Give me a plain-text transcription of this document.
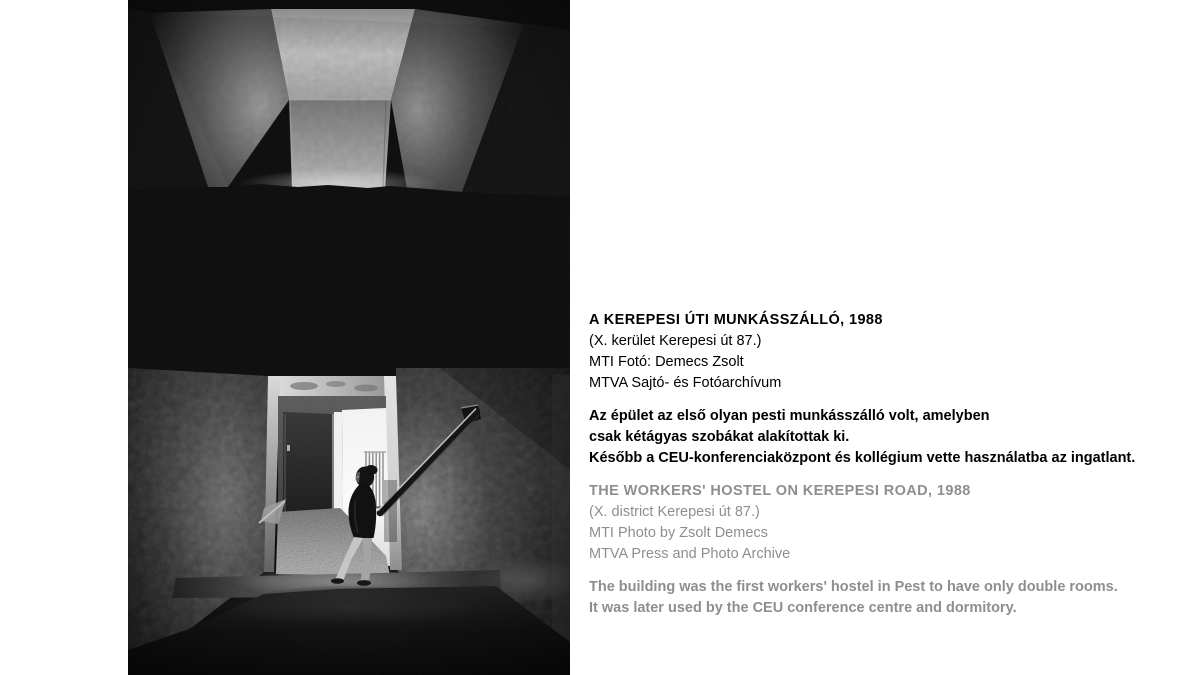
A KEREPESI ÚTI MUNKÁSSZÁLLÓ, 1988
(X. kerület Kerepesi út 87.)
MTI Fotó: Demecs Zsolt
MTVA Sajtó- és Fotóarchívum
Az épület az első olyan pesti munkásszálló volt, amelyben
csak kétágyas szobákat alakítottak ki.
Később a CEU-konferenciaközpont és kollégium vette használatba az ingatlant.
THE WORKERS' HOSTEL ON KEREPESI ROAD, 1988
(X. district Kerepesi út 87.)
MTI Photo by Zsolt Demecs
MTVA Press and Photo Archive
The building was the first workers' hostel in Pest to have only double rooms.
It was later used by the CEU conference centre and dormitory.
